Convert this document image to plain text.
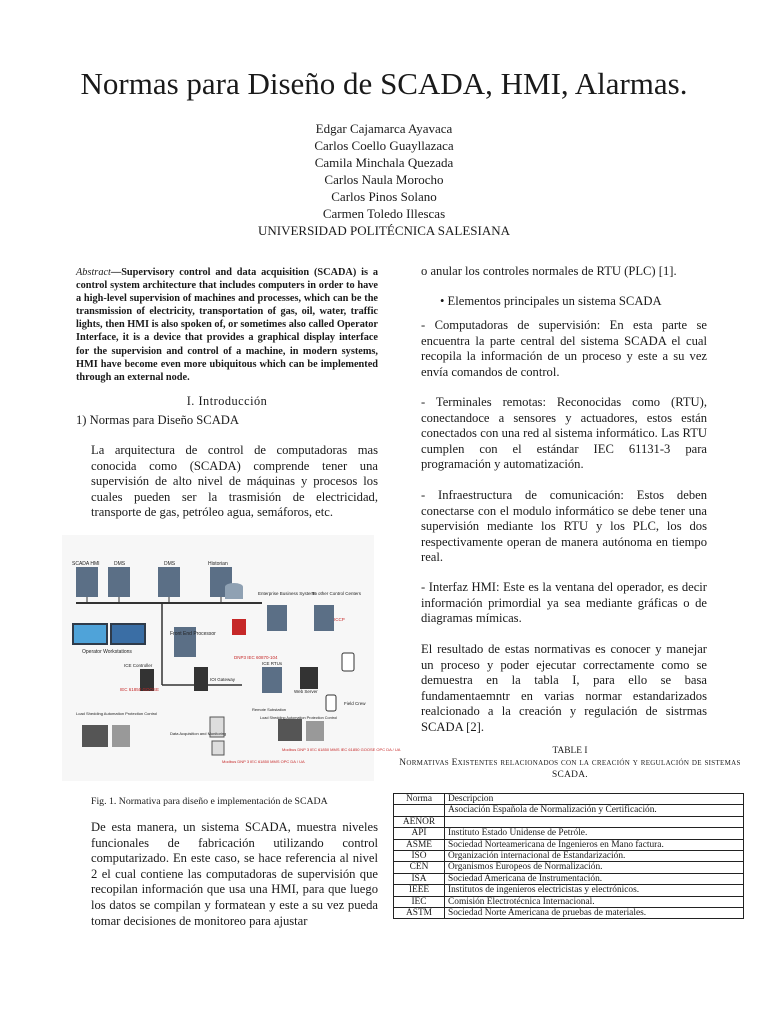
Normas para Diseño de SCADA, HMI, Alarmas.
Edgar Cajamarca Ayavaca
Carlos Coello Guayllazaca
Camila Minchala Quezada
Carlos Naula Morocho
Carlos Pinos Solano
Carmen Toledo Illescas
UNIVERSIDAD POLITÉCNICA SALESIANA
Abstract—Supervisory control and data acquisition (SCADA) is a control system architecture that includes computers in order to have a high-level supervision of machines and processes, which can be the transmission of electricity, transportation of gas, oil, water, traffic lights, then HMI is also spoken of, or sometimes also called Operator Interface, it is a device that provides a graphical display interface for the supervision and control of a machine, in modern systems, HMI have become even more ubiquitous which can be implemented through an external node.
I. Introducción
1) Normas para Diseño SCADA
La arquitectura de control de computadoras mas conocida como (SCADA) comprende tener una supervisión de alto nivel de máquinas y procesos los cuales pueden ser la trasmisión de electricidad, transporte de gas, petróleo agua, semáforos, etc.
SCADA HMI	DMS	DMS	Historian
Enterprise Business Systems
To other Control Centers
ICCP
Operator Workstations
Front End Processor
ICE Controller
IOI Gateway
ICE RTUs
DNP3 IEC 60870-104
IEC 61850 GOOSE	Web Server
Field Crew
Load Shedding Automation Protection Control
Data Acquisition and Monitoring
Modbus DNP 3 IEC 61850 MMS OPC DA / UA
Remote Substation
Load Shedding Automation Protection Control
Modbus DNP 3 IEC 61850 MMS IEC 61850 GOOSE OPC DA / UA
Fig. 1. Normativa para diseño e implementación de SCADA
De esta manera, un sistema SCADA, muestra niveles funcionales de fabricación utilizando control computarizado. En este caso, se hace referencia al nivel 2 el cual contiene las computadoras de supervisión que recopilan información que usa una HMI, para que luego los datos se compilan y formatean y este a su vez pueda tomar decisiones de monitoreo para ajustar
o anular los controles normales de RTU (PLC) [1].
• Elementos principales un sistema SCADA
- Computadoras de supervisión: En esta parte se encuentra la parte central del sistema SCADA el cual recopila la información de un proceso y este a su vez envía comandos de control.
- Terminales remotas: Reconocidas como (RTU), conectandoce a sensores y actuadores, estos están conectados con una red al sistema informático. Las RTU cumplen con el estándar IEC 61131-3 para programación y automatización.
- Infraestructura de comunicación: Estos deben conectarse con el modulo informático se debe tener una supervisión mediante los RTU y los PLC, los dos respectivamente operan de manera autónoma en tiempo real.
- Interfaz HMI: Este es la ventana del operador, es decir información primordial ya sea mediante gráficas o de diagramas mímicas.
El resultado de estas normativas es conocer y manejar un proceso y poder ejecutar correctamente como se demuestra en la tabla I, para ello se basa fundamentaemntr en varias normar estandarizados realcionado a la creación y regulación de sistrmas SCADA [2].
TABLE I
Normativas Existentes relacionados con la creación y regulación de sistemas SCADA.
Norma	Descripcion
	Asociación Española de Normalización y Certificación.
AENOR	
API	Instituto Estado Unidense de Petróle.
ASME	Sociedad Norteamericana de Ingenieros en Mano factura.
ISO	Organización internacional de Estandarización.
CEN	Organismos Europeos de Normalización.
ISA	Sociedad Americana de Instrumentación.
IEEE	Institutos de ingenieros electricistas y electrónicos.
IEC	Comisión Electrotécnica Internacional.
ASTM	Sociedad Norte Americana de pruebas de materiales.
